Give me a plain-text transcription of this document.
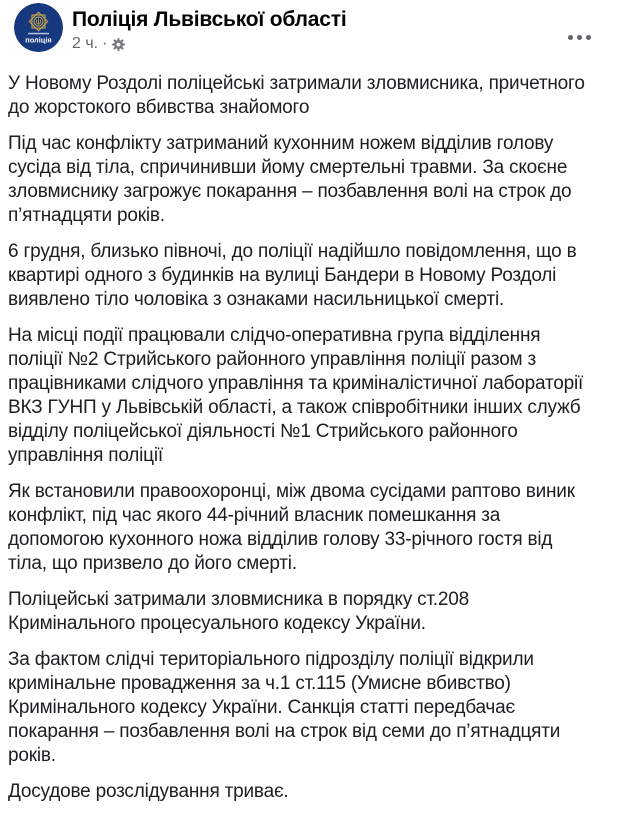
поліція
Поліція Львівської області
2 ч. ·

У Новому Роздолі поліцейські затримали зловмисника, причетного
до жорстокого вбивства знайомого

Під час конфлікту затриманий кухонним ножем відділив голову
сусіда від тіла, спричинивши йому смертельні травми. За скоєне
зловмиснику загрожує покарання – позбавлення волі на строк до
п’ятнадцяти років.

6 грудня, близько півночі, до поліції надійшло повідомлення, що в
квартирі одного з будинків на вулиці Бандери в Новому Роздолі
виявлено тіло чоловіка з ознаками насильницької смерті.

На місці події працювали слідчо-оперативна група відділення
поліції №2 Стрийського районного управління поліції разом з
працівниками слідчого управління та криміналістичної лабораторії
ВКЗ ГУНП у Львівській області, а також співробітники інших служб
відділу поліцейської діяльності №1 Стрийського районного
управління поліції

Як встановили правоохоронці, між двома сусідами раптово виник
конфлікт, під час якого 44-річний власник помешкання за
допомогою кухонного ножа відділив голову 33-річного гостя від
тіла, що призвело до його смерті.

Поліцейські затримали зловмисника в порядку ст.208
Кримінального процесуального кодексу України.

За фактом слідчі територіального підрозділу поліції відкрили
кримінальне провадження за ч.1 ст.115 (Умисне вбивство)
Кримінального кодексу України. Санкція статті передбачає
покарання – позбавлення волі на строк від семи до п’ятнадцяти
років.

Досудове розслідування триває.
